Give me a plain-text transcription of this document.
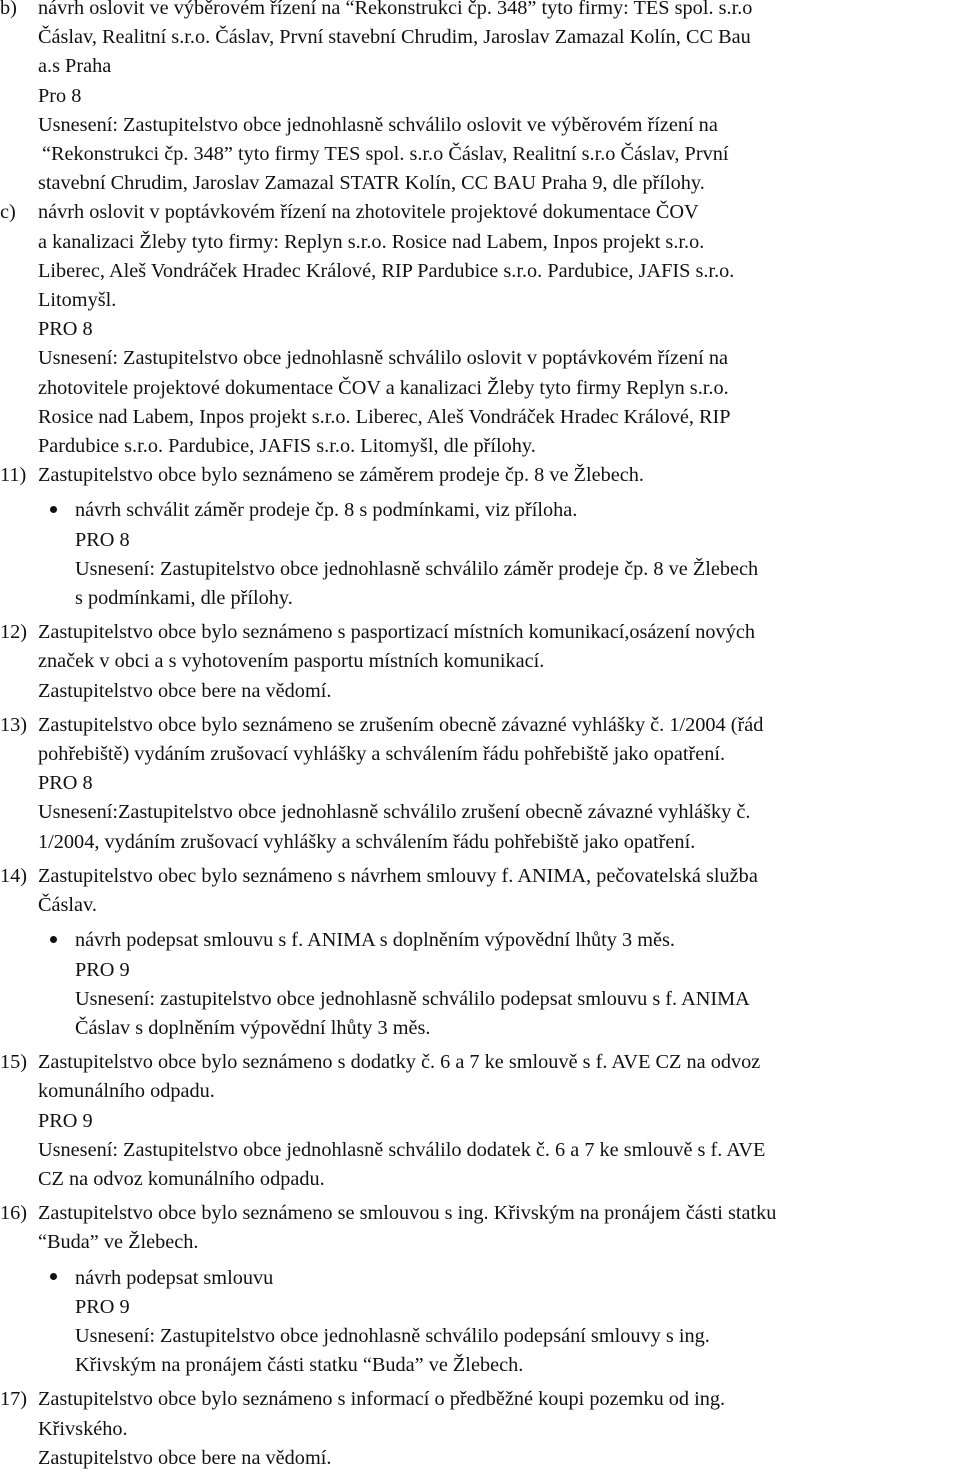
b) návrh oslovit ve výběrovém řízení na “Rekonstrukci čp. 348” tyto firmy: TES spol. s.r.o
Čáslav, Realitní s.r.o. Čáslav, První stavební Chrudim, Jaroslav Zamazal Kolín, CC Bau
a.s Praha
Pro 8
Usnesení: Zastupitelstvo obce jednohlasně schválilo oslovit ve výběrovém řízení na
“Rekonstrukci čp. 348” tyto firmy TES spol. s.r.o Čáslav, Realitní s.r.o Čáslav, První
stavební Chrudim, Jaroslav Zamazal STATR Kolín, CC BAU Praha 9, dle přílohy.
c) návrh oslovit v poptávkovém řízení na zhotovitele projektové dokumentace ČOV
a kanalizaci Žleby tyto firmy: Replyn s.r.o. Rosice nad Labem, Inpos projekt s.r.o.
Liberec, Aleš Vondráček Hradec Králové, RIP Pardubice s.r.o. Pardubice, JAFIS s.r.o.
Litomyšl.
PRO 8
Usnesení: Zastupitelstvo obce jednohlasně schválilo oslovit v poptávkovém řízení na
zhotovitele projektové dokumentace ČOV a kanalizaci Žleby tyto firmy Replyn s.r.o.
Rosice nad Labem, Inpos projekt s.r.o. Liberec, Aleš Vondráček Hradec Králové, RIP
Pardubice s.r.o. Pardubice, JAFIS s.r.o. Litomyšl, dle přílohy.
11) Zastupitelstvo obce bylo seznámeno se záměrem prodeje čp. 8 ve Žlebech.
návrh schválit záměr prodeje čp. 8 s podmínkami, viz příloha.
PRO 8
Usnesení: Zastupitelstvo obce jednohlasně schválilo záměr prodeje čp. 8 ve Žlebech
s podmínkami, dle přílohy.
12) Zastupitelstvo obce bylo seznámeno s pasportizací místních komunikací,osázení nových
značek v obci a s vyhotovením pasportu místních komunikací.
Zastupitelstvo obce bere na vědomí.
13) Zastupitelstvo obce bylo seznámeno se zrušením obecně závazné vyhlášky č. 1/2004 (řád
pohřebiště) vydáním zrušovací vyhlášky a schválením řádu pohřebiště jako opatření.
PRO 8
Usnesení:Zastupitelstvo obce jednohlasně schválilo zrušení obecně závazné vyhlášky č.
1/2004, vydáním zrušovací vyhlášky a schválením řádu pohřebiště jako opatření.
14) Zastupitelstvo obec bylo seznámeno s návrhem smlouvy f. ANIMA, pečovatelská služba
Čáslav.
návrh podepsat smlouvu s f. ANIMA s doplněním výpovědní lhůty 3 měs.
PRO 9
Usnesení: zastupitelstvo obce jednohlasně schválilo podepsat smlouvu s f. ANIMA
Čáslav s doplněním výpovědní lhůty 3 měs.
15) Zastupitelstvo obce bylo seznámeno s dodatky č. 6 a 7 ke smlouvě s f. AVE CZ na odvoz
komunálního odpadu.
PRO 9
Usnesení: Zastupitelstvo obce jednohlasně schválilo dodatek č. 6 a 7 ke smlouvě s f. AVE
CZ na odvoz komunálního odpadu.
16) Zastupitelstvo obce bylo seznámeno se smlouvou s ing. Křivským na pronájem části statku
“Buda” ve Žlebech.
návrh podepsat smlouvu
PRO 9
Usnesení: Zastupitelstvo obce jednohlasně schválilo podepsání smlouvy s ing.
Křivským na pronájem části statku “Buda” ve Žlebech.
17) Zastupitelstvo obce bylo seznámeno s informací o předběžné koupi pozemku od ing.
Křivského.
Zastupitelstvo obce bere na vědomí.
